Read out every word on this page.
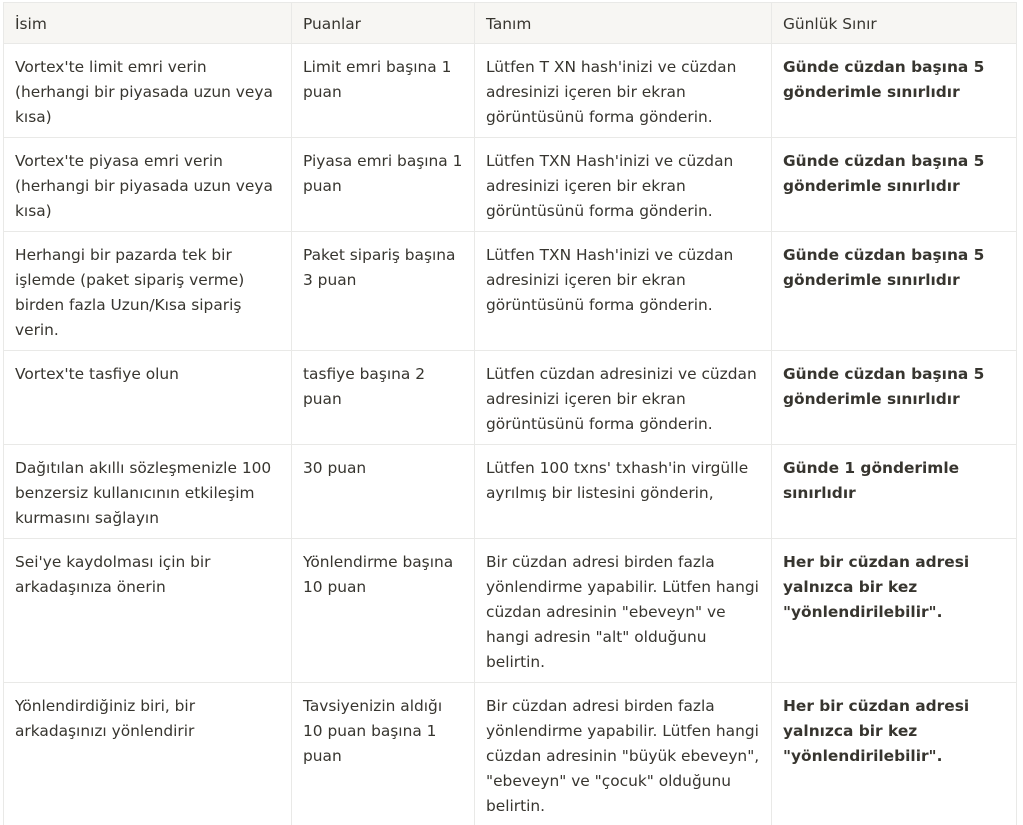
İsim	Puanlar	Tanım	Günlük Sınır
Vortex'te limit emri verin (herhangi bir piyasada uzun veya kısa)	Limit emri başına 1 puan	Lütfen T XN hash'inizi ve cüzdan adresinizi içeren bir ekran görüntüsünü forma gönderin.	Günde cüzdan başına 5 gönderimle sınırlıdır
Vortex'te piyasa emri verin (herhangi bir piyasada uzun veya kısa)	Piyasa emri başına 1 puan	Lütfen TXN Hash'inizi ve cüzdan adresinizi içeren bir ekran görüntüsünü forma gönderin.	Günde cüzdan başına 5 gönderimle sınırlıdır
Herhangi bir pazarda tek bir işlemde (paket sipariş verme) birden fazla Uzun/Kısa sipariş verin.	Paket sipariş başına 3 puan	Lütfen TXN Hash'inizi ve cüzdan adresinizi içeren bir ekran görüntüsünü forma gönderin.	Günde cüzdan başına 5 gönderimle sınırlıdır
Vortex'te tasfiye olun	tasfiye başına 2 puan	Lütfen cüzdan adresinizi ve cüzdan adresinizi içeren bir ekran görüntüsünü forma gönderin.	Günde cüzdan başına 5 gönderimle sınırlıdır
Dağıtılan akıllı sözleşmenizle 100 benzersiz kullanıcının etkileşim kurmasını sağlayın	30 puan	Lütfen 100 txns' txhash'in virgülle ayrılmış bir listesini gönderin,	Günde 1 gönderimle sınırlıdır
Sei'ye kaydolması için bir arkadaşınıza önerin	Yönlendirme başına 10 puan	Bir cüzdan adresi birden fazla yönlendirme yapabilir. Lütfen hangi cüzdan adresinin "ebeveyn" ve hangi adresin "alt" olduğunu belirtin.	Her bir cüzdan adresi yalnızca bir kez "yönlendirilebilir".
Yönlendirdiğiniz biri, bir arkadaşınızı yönlendirir	Tavsiyenizin aldığı 10 puan başına 1 puan	Bir cüzdan adresi birden fazla yönlendirme yapabilir. Lütfen hangi cüzdan adresinin "büyük ebeveyn", "ebeveyn" ve "çocuk" olduğunu belirtin.	Her bir cüzdan adresi yalnızca bir kez "yönlendirilebilir".
